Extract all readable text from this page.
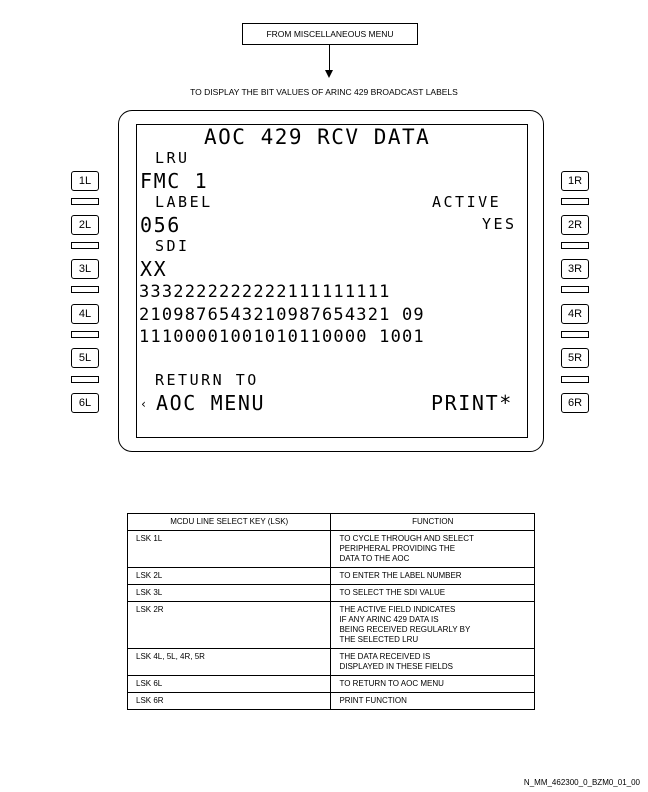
FROM MISCELLANEOUS MENU
TO DISPLAY THE BIT VALUES OF ARINC 429 BROADCAST LABELS
AOC 429 RCV DATA
LRU
FMC 1
LABEL	ACTIVE
056	YES
SDI
XX
3332222222222111111111
2109876543210987654321 09
11100001001010110000 1001
RETURN TO
‹ AOC MENU	PRINT*
1L
2L
3L
4L
5L
6L
1R
2R
3R
4R
5R
6R
MCDU LINE SELECT KEY (LSK)	FUNCTION
LSK 1L	TO CYCLE THROUGH AND SELECT
PERIPHERAL PROVIDING THE
DATA TO THE AOC
LSK 2L	TO ENTER THE LABEL NUMBER
LSK 3L	TO SELECT THE SDI VALUE
LSK 2R	THE ACTIVE FIELD INDICATES
IF ANY ARINC 429 DATA IS
BEING RECEIVED REGULARLY BY
THE SELECTED LRU
LSK 4L, 5L, 4R, 5R	THE DATA RECEIVED IS
DISPLAYED IN THESE FIELDS
LSK 6L	TO RETURN TO AOC MENU
LSK 6R	PRINT FUNCTION
N_MM_462300_0_BZM0_01_00
